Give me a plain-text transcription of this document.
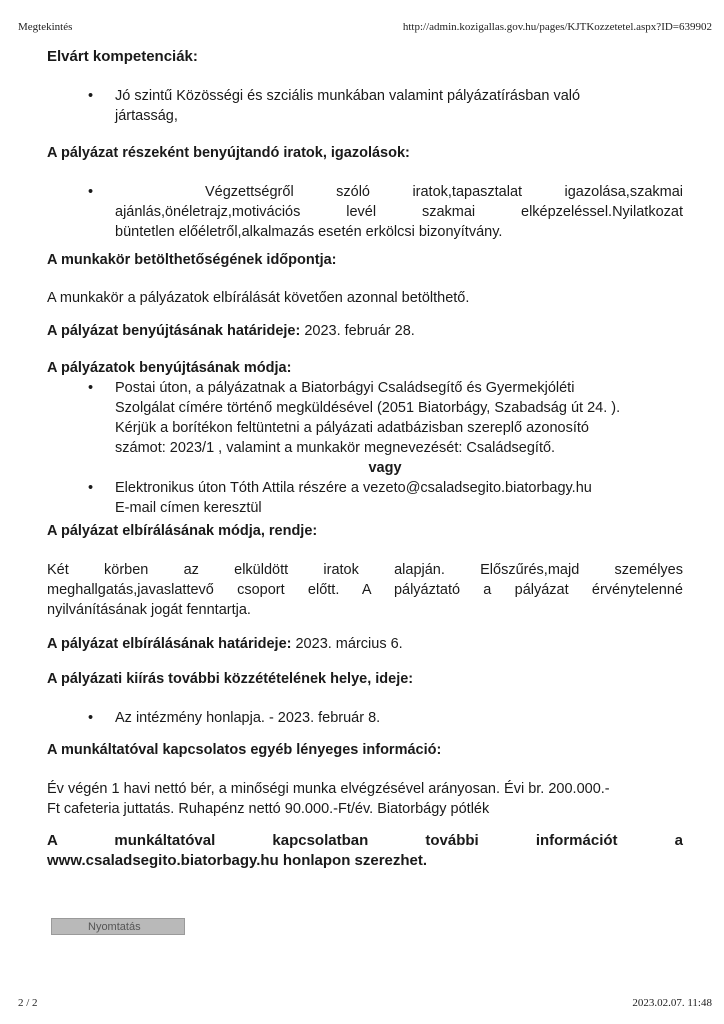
Megtekintés	http://admin.kozigallas.gov.hu/pages/KJTKozzetetel.aspx?ID=639902

Elvárt kompetenciák:

• Jó szintű Közösségi és szciális munkában valamint pályázatírásban való
jártasság,

A pályázat részeként benyújtandó iratok, igazolások:

•	Végzettségről szóló iratok,tapasztalat igazolása,szakmai
ajánlás,önéletrajz,motivációs levél szakmai elképzeléssel.Nyilatkozat
büntetlen előéletről,alkalmazás esetén erkölcsi bizonyítvány.

A munkakör betölthetőségének időpontja:

A munkakör a pályázatok elbírálását követően azonnal betölthető.

A pályázat benyújtásának határideje: 2023. február 28.

A pályázatok benyújtásának módja:

• Postai úton, a pályázatnak a Biatorbágyi Családsegítő és Gyermekjóléti
Szolgálat címére történő megküldésével (2051 Biatorbágy, Szabadság út 24. ).
Kérjük a borítékon feltüntetni a pályázati adatbázisban szereplő azonosító
számot: 2023/1 , valamint a munkakör megnevezését: Családsegítő.
vagy
• Elektronikus úton Tóth Attila részére a vezeto@csaladsegito.biatorbagy.hu
E-mail címen keresztül

A pályázat elbírálásának módja, rendje:

Két körben az elküldött iratok alapján. Előszűrés,majd személyes
meghallgatás,javaslattevő csoport előtt. A pályáztató a pályázat érvénytelenné
nyilvánításának jogát fenntartja.
A pályázat elbírálásának határideje: 2023. március 6.

A pályázati kiírás további közzétételének helye, ideje:

• Az intézmény honlapja. - 2023. február 8.

A munkáltatóval kapcsolatos egyéb lényeges információ:

Év végén 1 havi nettó bér, a minőségi munka elvégzésével arányosan. Évi br. 200.000.-
Ft cafeteria juttatás. Ruhapénz nettó 90.000.-Ft/év. Biatorbágy pótlék
A munkáltatóval kapcsolatban további információt a
www.csaladsegito.biatorbagy.hu honlapon szerezhet.
Nyomtatás
2 / 2	2023.02.07. 11:48
